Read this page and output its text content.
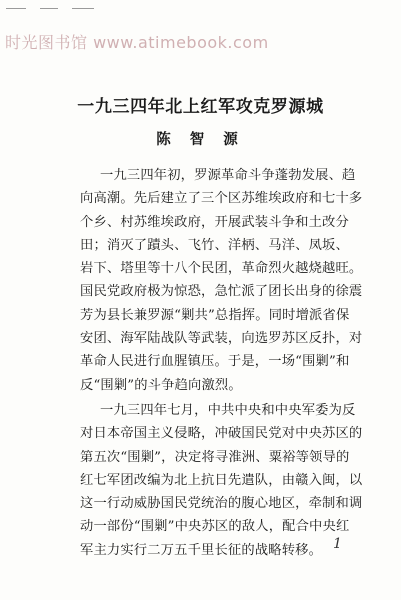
时光图书馆 www.atimebook.com
一九三四年北上红军攻克罗源城
陈 智 源
一九三四年初，罗源革命斗争蓬勃发展、趋
向高潮。先后建立了三个区苏维埃政府和七十多
个乡、村苏维埃政府，开展武装斗争和土改分
田；消灭了蹟头、飞竹、洋柄、马洋、凤坂、
岩下、塔里等十八个民团，革命烈火越烧越旺。
国民党政府极为惊恐，急忙派了团长出身的徐震
芳为县长兼罗源“剿共”总指挥。同时增派省保
安团、海军陆战队等武装，向选罗苏区反扑，对
革命人民进行血腥镇压。于是，一场“围剿”和
反“围剿”的斗争趋向激烈。
一九三四年七月，中共中央和中央军委为反
对日本帝国主义侵略，冲破国民党对中央苏区的
第五次“围剿”，决定将寻淮洲、粟裕等领导的
红七军团改编为北上抗日先遣队，由赣入闽，以
这一行动威胁国民党统治的腹心地区，牵制和调
动一部份“围剿”中央苏区的敌人，配合中央红
军主力实行二万五千里长征的战略转移。 1
